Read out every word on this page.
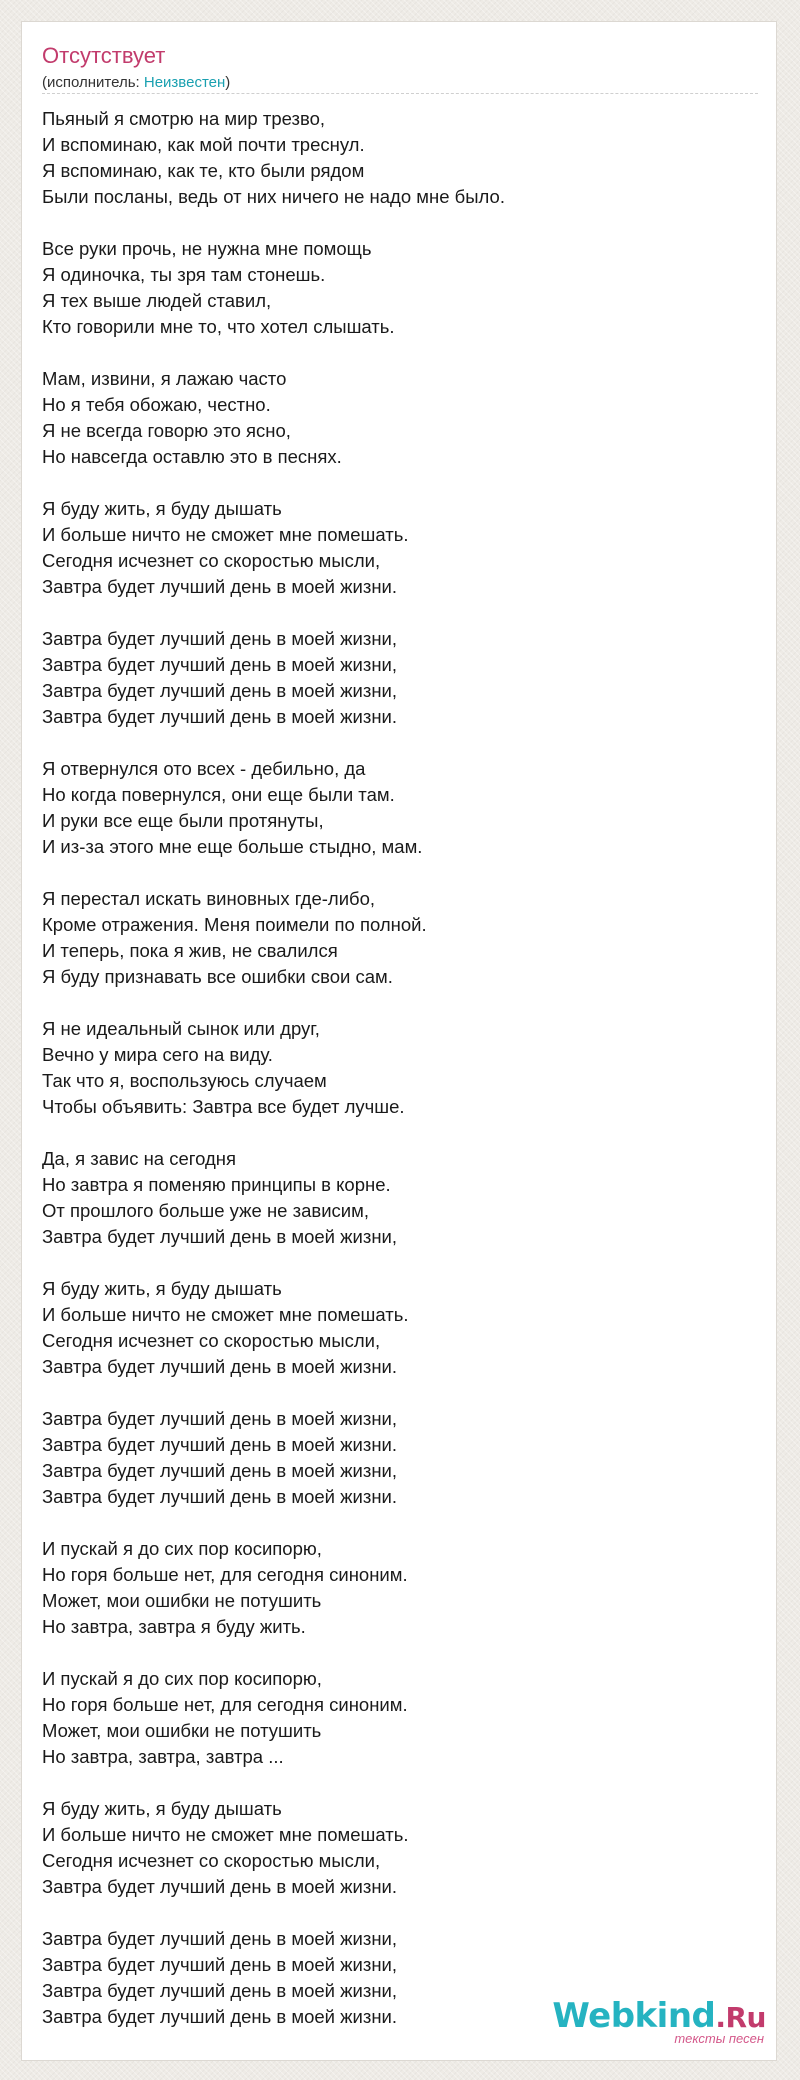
Отсутствует
(исполнитель: Неизвестен)
Пьяный я смотрю на мир трезво,
И вспоминаю, как мой почти треснул.
Я вспоминаю, как те, кто были рядом
Были посланы, ведь от них ничего не надо мне было.
Все руки прочь, не нужна мне помощь
Я одиночка, ты зря там стонешь.
Я тех выше людей ставил,
Кто говорили мне то, что хотел слышать.
Мам, извини, я лажаю часто
Но я тебя обожаю, честно.
Я не всегда говорю это ясно,
Но навсегда оставлю это в песнях.
Я буду жить, я буду дышать
И больше ничто не сможет мне помешать.
Сегодня исчезнет со скоростью мысли,
Завтра будет лучший день в моей жизни.
Завтра будет лучший день в моей жизни,
Завтра будет лучший день в моей жизни,
Завтра будет лучший день в моей жизни,
Завтра будет лучший день в моей жизни.
Я отвернулся ото всех - дебильно, да
Но когда повернулся, они еще были там.
И руки все еще были протянуты,
И из-за этого мне еще больше стыдно, мам.
Я перестал искать виновных где-либо,
Кроме отражения. Меня поимели по полной.
И теперь, пока я жив, не свалился
Я буду признавать все ошибки свои сам.
Я не идеальный сынок или друг,
Вечно у мира сего на виду.
Так что я, воспользуюсь случаем
Чтобы объявить: Завтра все будет лучше.
Да, я завис на сегодня
Но завтра я поменяю принципы в корне.
От прошлого больше уже не зависим,
Завтра будет лучший день в моей жизни,
Я буду жить, я буду дышать
И больше ничто не сможет мне помешать.
Сегодня исчезнет со скоростью мысли,
Завтра будет лучший день в моей жизни.
Завтра будет лучший день в моей жизни,
Завтра будет лучший день в моей жизни.
Завтра будет лучший день в моей жизни,
Завтра будет лучший день в моей жизни.
И пускай я до сих пор косипорю,
Но горя больше нет, для сегодня синоним.
Может, мои ошибки не потушить
Но завтра, завтра я буду жить.
И пускай я до сих пор косипорю,
Но горя больше нет, для сегодня синоним.
Может, мои ошибки не потушить
Но завтра, завтра, завтра ...
Я буду жить, я буду дышать
И больше ничто не сможет мне помешать.
Сегодня исчезнет со скоростью мысли,
Завтра будет лучший день в моей жизни.
Завтра будет лучший день в моей жизни,
Завтра будет лучший день в моей жизни,
Завтра будет лучший день в моей жизни,
Завтра будет лучший день в моей жизни.	Webkind.Ru
тексты песен
